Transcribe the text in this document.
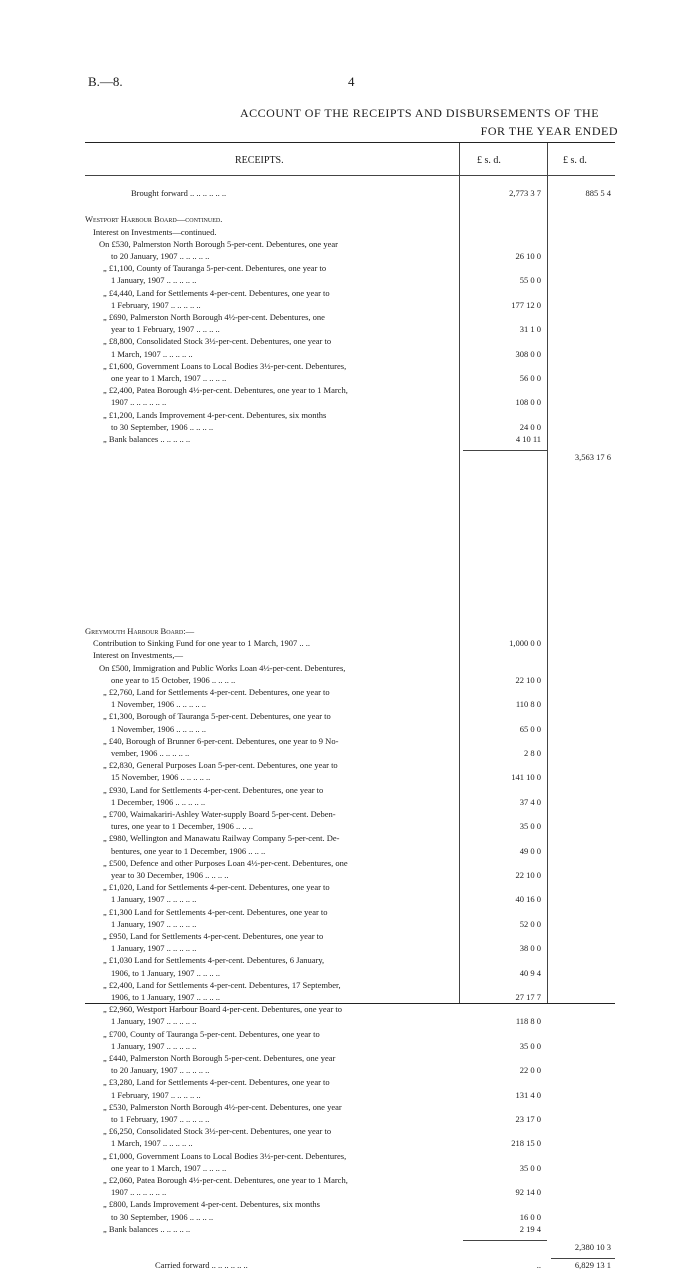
B.—8.	4
ACCOUNT OF THE RECEIPTS AND DISBURSEMENTS OF THE
FOR THE YEAR ENDED
RECEIPTS.	£ s. d.	£ s. d.
Brought forward .. .. .. .. .. ..	2,773 3 7	885 5 4
Westport Harbour Board—continued.
Interest on Investments—continued.
On £530, Palmerston North Borough 5-per-cent. Debentures, one year
to 20 January, 1907 .. .. .. .. ..	26 10 0
„ £1,100, County of Tauranga 5-per-cent. Debentures, one year to
1 January, 1907 .. .. .. .. ..	55 0 0
„ £4,440, Land for Settlements 4-per-cent. Debentures, one year to
1 February, 1907 .. .. .. .. ..	177 12 0
„ £690, Palmerston North Borough 4½-per-cent. Debentures, one
year to 1 February, 1907 .. .. .. ..	31 1 0
„ £8,800, Consolidated Stock 3½-per-cent. Debentures, one year to
1 March, 1907 .. .. .. .. ..	308 0 0
„ £1,600, Government Loans to Local Bodies 3½-per-cent. Debentures,
one year to 1 March, 1907 .. .. .. ..	56 0 0
„ £2,400, Patea Borough 4½-per-cent. Debentures, one year to 1 March,
1907 .. .. .. .. .. ..	108 0 0
„ £1,200, Lands Improvement 4-per-cent. Debentures, six months
to 30 September, 1906 .. .. .. ..	24 0 0
„ Bank balances .. .. .. .. ..	4 10 11
3,563 17 6
Greymouth Harbour Board:—
Contribution to Sinking Fund for one year to 1 March, 1907 .. ..	1,000 0 0
Interest on Investments,—
On £500, Immigration and Public Works Loan 4½-per-cent. Debentures,
one year to 15 October, 1906 .. .. .. ..	22 10 0
„ £2,760, Land for Settlements 4-per-cent. Debentures, one year to
1 November, 1906 .. .. .. .. ..	110 8 0
„ £1,300, Borough of Tauranga 5-per-cent. Debentures, one year to
1 November, 1906 .. .. .. .. ..	65 0 0
„ £40, Borough of Brunner 6-per-cent. Debentures, one year to 9 No-
vember, 1906 .. .. .. .. ..	2 8 0
„ £2,830, General Purposes Loan 5-per-cent. Debentures, one year to
15 November, 1906 .. .. .. .. ..	141 10 0
„ £930, Land for Settlements 4-per-cent. Debentures, one year to
1 December, 1906 .. .. .. .. ..	37 4 0
„ £700, Waimakariri-Ashley Water-supply Board 5-per-cent. Deben-
tures, one year to 1 December, 1906 .. .. ..	35 0 0
„ £980, Wellington and Manawatu Railway Company 5-per-cent. De-
bentures, one year to 1 December, 1906 .. .. ..	49 0 0
„ £500, Defence and other Purposes Loan 4½-per-cent. Debentures, one
year to 30 December, 1906 .. .. .. ..	22 10 0
„ £1,020, Land for Settlements 4-per-cent. Debentures, one year to
1 January, 1907 .. .. .. .. ..	40 16 0
„ £1,300 Land for Settlements 4-per-cent. Debentures, one year to
1 January, 1907 .. .. .. .. ..	52 0 0
„ £950, Land for Settlements 4-per-cent. Debentures, one year to
1 January, 1907 .. .. .. .. ..	38 0 0
„ £1,030 Land for Settlements 4-per-cent. Debentures, 6 January,
1906, to 1 January, 1907 .. .. .. ..	40 9 4
„ £2,400, Land for Settlements 4-per-cent. Debentures, 17 September,
1906, to 1 January, 1907 .. .. .. ..	27 17 7
„ £2,960, Westport Harbour Board 4-per-cent. Debentures, one year to
1 January, 1907 .. .. .. .. ..	118 8 0
„ £700, County of Tauranga 5-per-cent. Debentures, one year to
1 January, 1907 .. .. .. .. ..	35 0 0
„ £440, Palmerston North Borough 5-per-cent. Debentures, one year
to 20 January, 1907 .. .. .. .. ..	22 0 0
„ £3,280, Land for Settlements 4-per-cent. Debentures, one year to
1 February, 1907 .. .. .. .. ..	131 4 0
„ £530, Palmerston North Borough 4½-per-cent. Debentures, one year
to 1 February, 1907 .. .. .. .. ..	23 17 0
„ £6,250, Consolidated Stock 3½-per-cent. Debentures, one year to
1 March, 1907 .. .. .. .. ..	218 15 0
„ £1,000, Government Loans to Local Bodies 3½-per-cent. Debentures,
one year to 1 March, 1907 .. .. .. ..	35 0 0
„ £2,060, Patea Borough 4½-per-cent. Debentures, one year to 1 March,
1907 .. .. .. .. .. ..	92 14 0
„ £800, Lands Improvement 4-per-cent. Debentures, six months
to 30 September, 1906 .. .. .. ..	16 0 0
„ Bank balances .. .. .. .. ..	2 19 4
2,380 10 3
Carried forward .. .. .. .. .. ..	..	6,829 13 1
